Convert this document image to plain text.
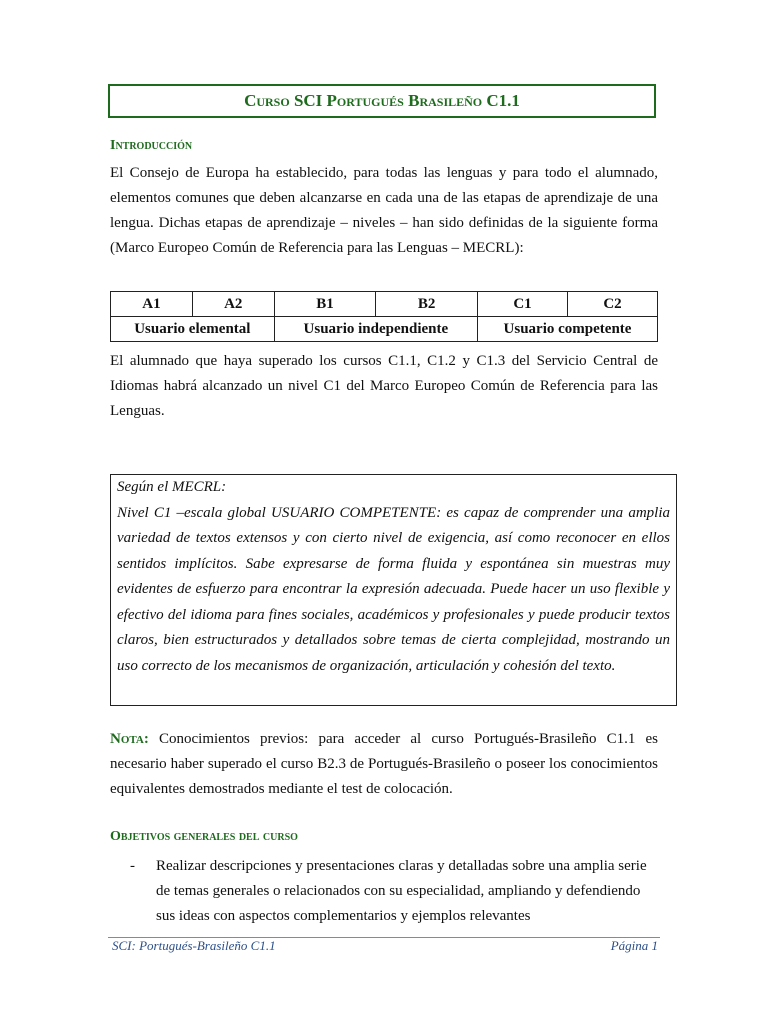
Curso SCI Portugués Brasileño C1.1
Introducción
El Consejo de Europa ha establecido, para todas las lenguas y para todo el alumnado, elementos comunes que deben alcanzarse en cada una de las etapas de aprendizaje de una lengua. Dichas etapas de aprendizaje – niveles – han sido definidas de la siguiente forma (Marco Europeo Común de Referencia para las Lenguas – MECRL):
A1	A2	B1	B2	C1	C2
Usuario elemental		Usuario independiente		Usuario competente	
El alumnado que haya superado los cursos C1.1, C1.2 y C1.3 del Servicio Central de Idiomas habrá alcanzado un nivel C1 del Marco Europeo Común de Referencia para las Lenguas.

Según el MECRL:

Nivel C1 –escala global USUARIO COMPETENTE: es capaz de comprender una amplia variedad de textos extensos y con cierto nivel de exigencia, así como reconocer en ellos sentidos implícitos. Sabe expresarse de forma fluida y espontánea sin muestras muy evidentes de esfuerzo para encontrar la expresión adecuada. Puede hacer un uso flexible y efectivo del idioma para fines sociales, académicos y profesionales y puede producir textos claros, bien estructurados y detallados sobre temas de cierta complejidad, mostrando un uso correcto de los mecanismos de organización, articulación y cohesión del texto.

Nota: Conocimientos previos: para acceder al curso Portugués-Brasileño C1.1 es necesario haber superado el curso B2.3 de Portugués-Brasileño o poseer los conocimientos equivalentes demostrados mediante el test de colocación.
Objetivos generales del curso
- Realizar descripciones y presentaciones claras y detalladas sobre una amplia serie de temas generales o relacionados con su especialidad, ampliando y defendiendo sus ideas con aspectos complementarios y ejemplos relevantes
SCI: Portugués-Brasileño C1.1	Página 1
